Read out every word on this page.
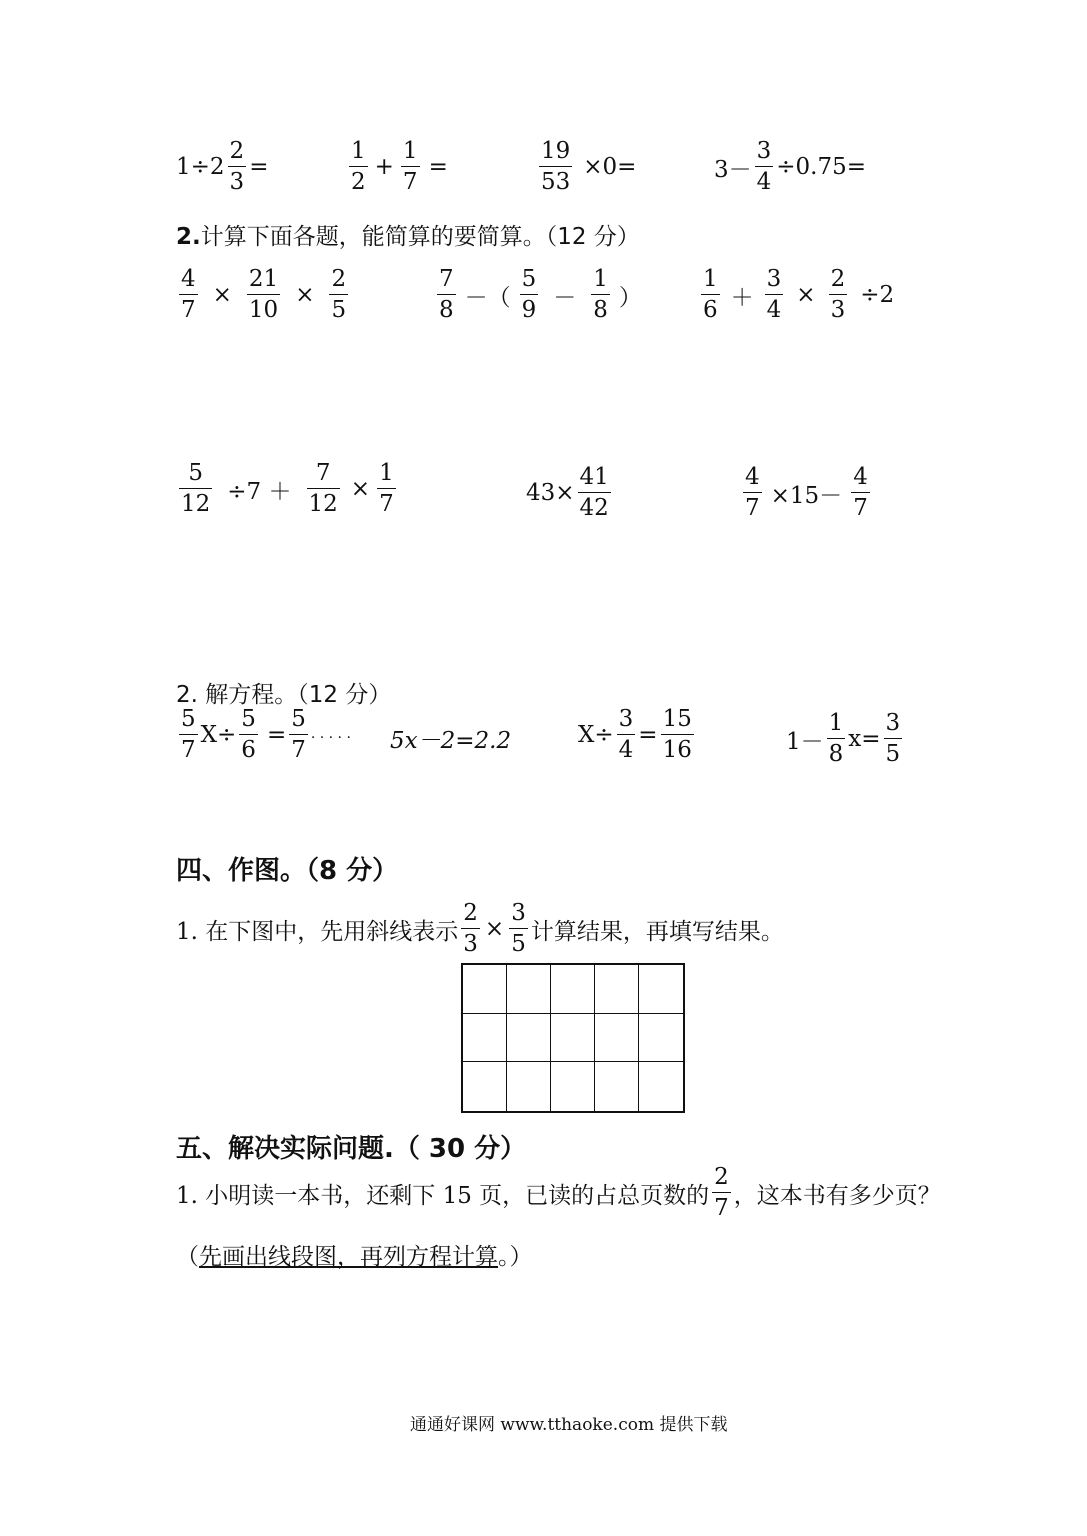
$1\div 2 \frac{2}{3}$ =	$\frac{1}{2} + \frac{1}{7}$ =	$\frac{19}{53} \times 0=$	$3- \frac{3}{4} \div 0.75=$
2.计算下面各题，能简算的要简算。（12 分）
$\frac{4}{7} \times \frac{21}{10} \times \frac{2}{5}$	$\frac{7}{8}$ －（ $\frac{5}{9} - \frac{1}{8}$ ）	$\frac{1}{6} + \frac{3}{4} \times \frac{2}{3} \div 2$
$\frac{5}{12} \div 7 + \frac{7}{12} \times \frac{1}{7}$	$43\times \frac{41}{42}$	$\frac{4}{7} \times 15- \frac{4}{7}$
2. 解方程。（12 分）
$\frac{5}{7} X\div \frac{5}{6} = \frac{5}{7}$ . . . . . 5x－2=2.2	$X\div \frac{3}{4} = \frac{15}{16}$	$1- \frac{1}{8} x= \frac{3}{5}$
四、作图。（8 分）
1. 在下图中，先用斜线表示 $\frac{2}{3} \times \frac{3}{5}$ 计算结果，再填写结果。
五、解决实际问题.（ 30 分）
1. 小明读一本书，还剩下 15 页，已读的占总页数的 $\frac{2}{7}$ ，这本书有多少页？
（ 先画出线段图，再列方程计算 。）
通通好课网 www.tthaoke.com 提供下载
